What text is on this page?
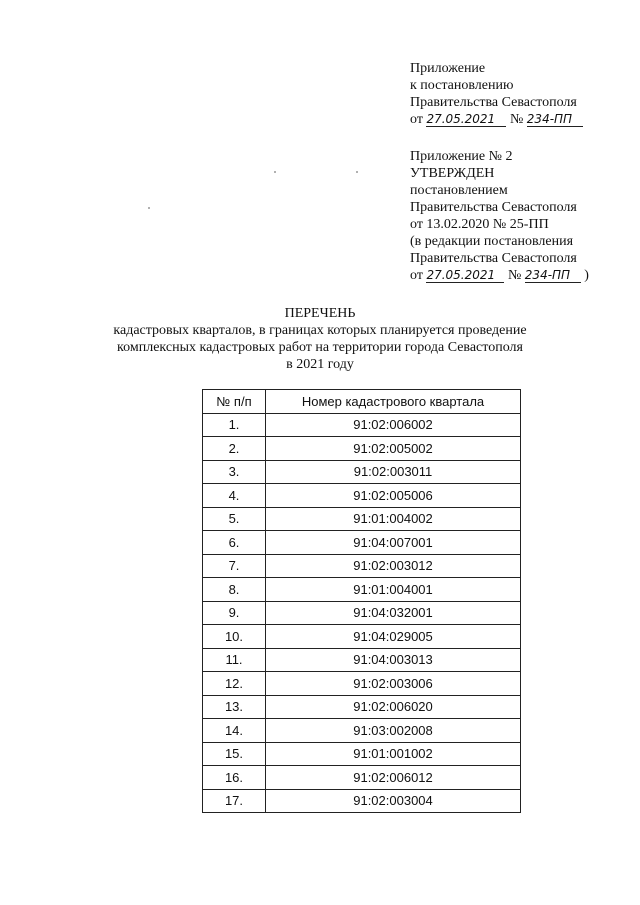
Приложение
к постановлению
Правительства Севастополя
от 27.05.2021 № 234-ПП
Приложение № 2
УТВЕРЖДЕН
постановлением
Правительства Севастополя
от 13.02.2020 № 25-ПП
(в редакции постановления
Правительства Севастополя
от 27.05.2021 № 234-ПП )
ПЕРЕЧЕНЬ
кадастровых кварталов, в границах которых планируется проведение
комплексных кадастровых работ на территории города Севастополя
в 2021 году
№ п/п	Номер кадастрового квартала
1.	91:02:006002
2.	91:02:005002
3.	91:02:003011
4.	91:02:005006
5.	91:01:004002
6.	91:04:007001
7.	91:02:003012
8.	91:01:004001
9.	91:04:032001
10.	91:04:029005
11.	91:04:003013
12.	91:02:003006
13.	91:02:006020
14.	91:03:002008
15.	91:01:001002
16.	91:02:006012
17.	91:02:003004
